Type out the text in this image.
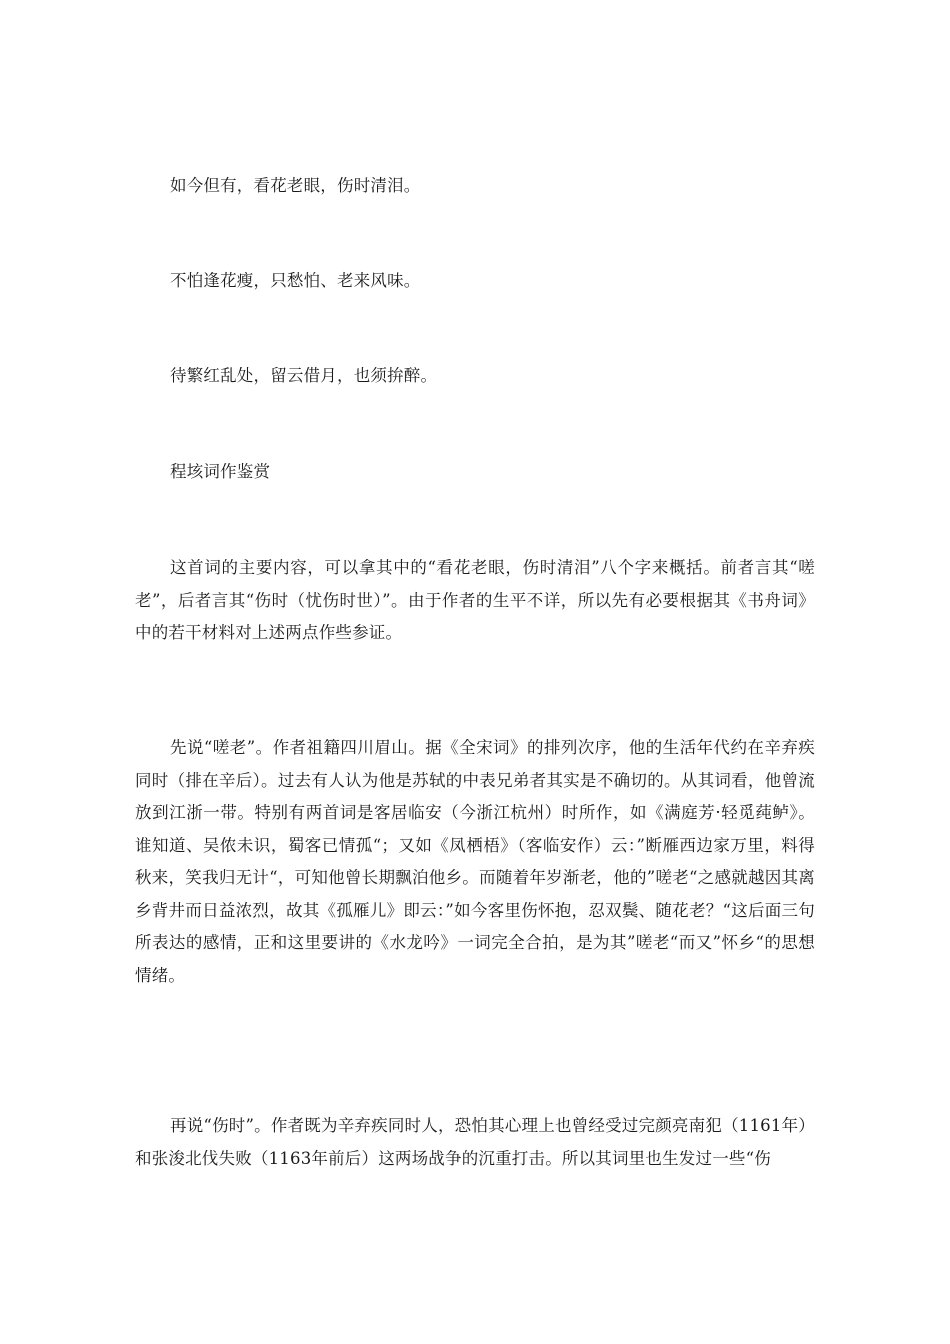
如今但有，看花老眼，伤时清泪。

不怕逢花瘦，只愁怕、老来风味。

待繁红乱处，留云借月，也须拚醉。

程垓词作鉴赏

这首词的主要内容，可以拿其中的“看花老眼，伤时清泪”八个字来概括。前者言其“嗟老”，后者言其“伤时（忧伤时世）”。由于作者的生平不详，所以先有必要根据其《书舟词》中的若干材料对上述两点作些参证。

先说“嗟老”。作者祖籍四川眉山。据《全宋词》的排列次序，他的生活年代约在辛弃疾同时（排在辛后）。过去有人认为他是苏轼的中表兄弟者其实是不确切的。从其词看，他曾流放到江浙一带。特别有两首词是客居临安（今浙江杭州）时所作，如《满庭芳·轻觅莼鲈》。谁知道、吴侬未识，蜀客已情孤“；又如《凤栖梧》（客临安作）云：”断雁西边家万里，料得秋来，笑我归无计“，可知他曾长期飘泊他乡。而随着年岁渐老，他的”嗟老“之感就越因其离乡背井而日益浓烈，故其《孤雁儿》即云：”如今客里伤怀抱，忍双鬓、随花老？“这后面三句所表达的感情，正和这里要讲的《水龙吟》一词完全合拍，是为其”嗟老“而又”怀乡“的思想情绪。

再说“伤时”。作者既为辛弃疾同时人，恐怕其心理上也曾经受过完颜亮南犯（1161年）和张浚北伐失败（1163年前后）这两场战争的沉重打击。所以其词里也生发过一些“伤
